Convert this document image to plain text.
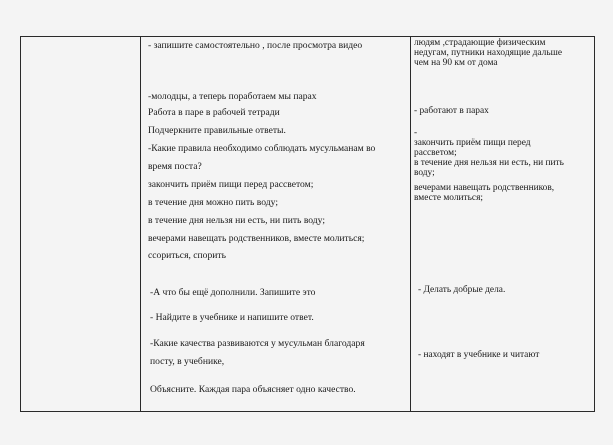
- запишите самостоятельно , после просмотра видео
-молодцы, а теперь поработаем мы парах
Работа в паре в рабочей тетради
Подчеркните правильные ответы.
-Какие правила необходимо соблюдать мусульманам во
время поста?
закончить приём пищи перед рассветом;
в течение дня можно пить воду;
в течение дня нельзя ни есть, ни пить воду;
вечерами навещать родственников, вместе молиться;
ссориться, спорить
-А что бы ещё дополнили. Запишите это
- Найдите в учебнике и напишите ответ.
-Какие качества развиваются у мусульман благодаря
посту, в учебнике,
Объясните. Каждая пара объясняет одно качество.
людям ,страдающие физическим
недугам, путники находящие дальше
чем на 90 км от дома
- работают в парах
-
закончить приём пищи перед
рассветом;
в течение дня нельзя ни есть, ни пить
воду;
вечерами навещать родственников,
вместе молиться;
- Делать добрые дела.
- находят в учебнике и читают
